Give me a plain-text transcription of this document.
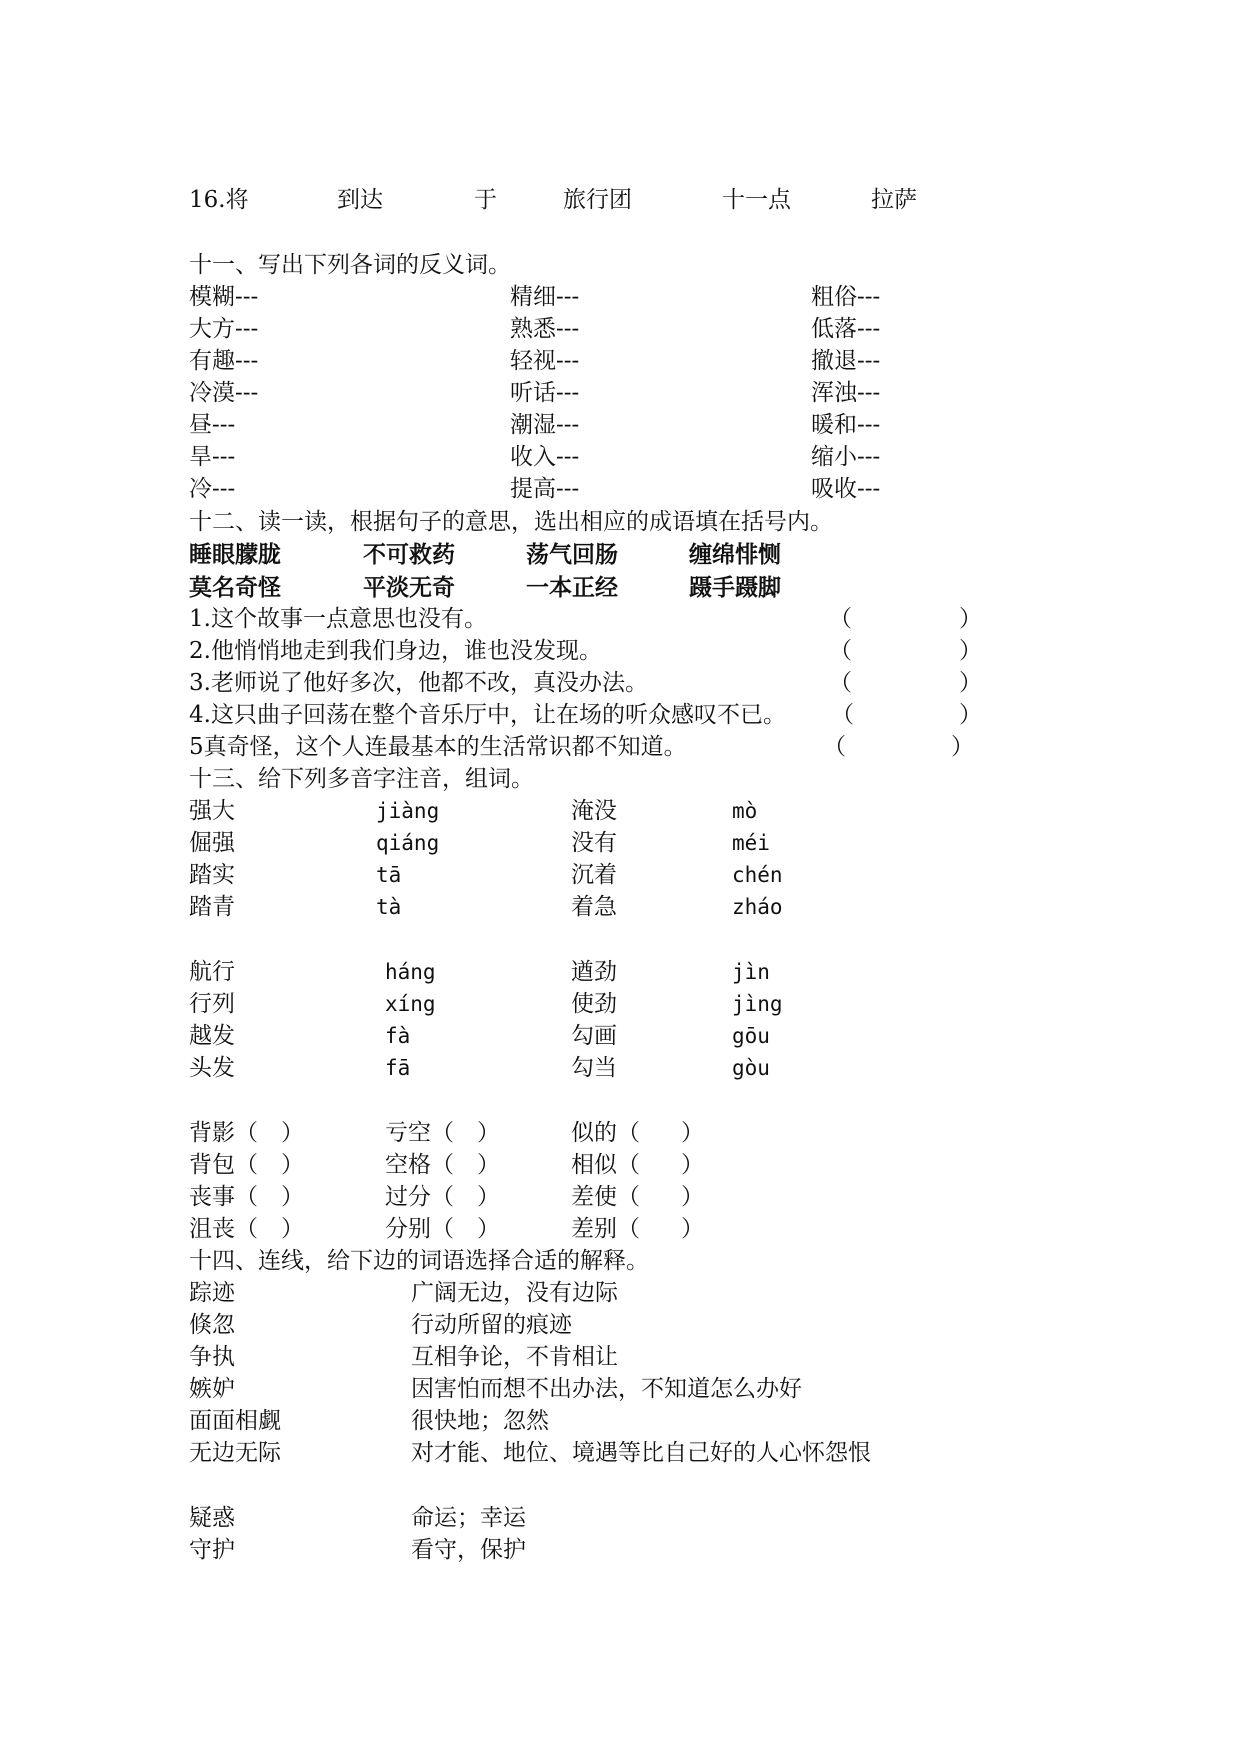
16.将	到达	于	旅行团	十一点	拉萨
十一、写出下列各词的反义词。
模糊---	精细---	粗俗---
大方---	熟悉---	低落---
有趣---	轻视---	撤退---
冷漠---	听话---	浑浊---
昼---	潮湿---	暖和---
旱---	收入---	缩小---
冷---	提高---	吸收---
十二、读一读，根据句子的意思，选出相应的成语填在括号内。
睡眼朦胧	不可救药	荡气回肠	缠绵悱恻
莫名奇怪	平淡无奇	一本正经	蹑手蹑脚
1.这个故事一点意思也没有。	（	）
2.他悄悄地走到我们身边，谁也没发现。	（	）
3.老师说了他好多次，他都不改，真没办法。	（	）
4.这只曲子回荡在整个音乐厅中，让在场的听众感叹不已。 （	）
5真奇怪，这个人连最基本的生活常识都不知道。	（	）
十三、给下列多音字注音，组词。
强大	jiàng	淹没	mò
倔强	qiáng	没有	méi
踏实	tā	沉着	chén
踏青	tà	着急	zháo
航行	háng	遒劲	jìn
行列	xíng	使劲	jìng
越发	fà	勾画	gōu
头发	fā	勾当	gòu
背影（ ）	亏空（ ）	似的（ ）
背包（ ）	空格（ ）	相似（ ）
丧事（ ）	过分（ ）	差使（ ）
沮丧（ ）	分别（ ）	差别（ ）
十四、连线，给下边的词语选择合适的解释。
踪迹	广阔无边，没有边际
倏忽	行动所留的痕迹
争执	互相争论，不肯相让
嫉妒	因害怕而想不出办法，不知道怎么办好
面面相觑	很快地；忽然
无边无际	对才能、地位、境遇等比自己好的人心怀怨恨
疑惑	命运；幸运
守护	看守，保护
